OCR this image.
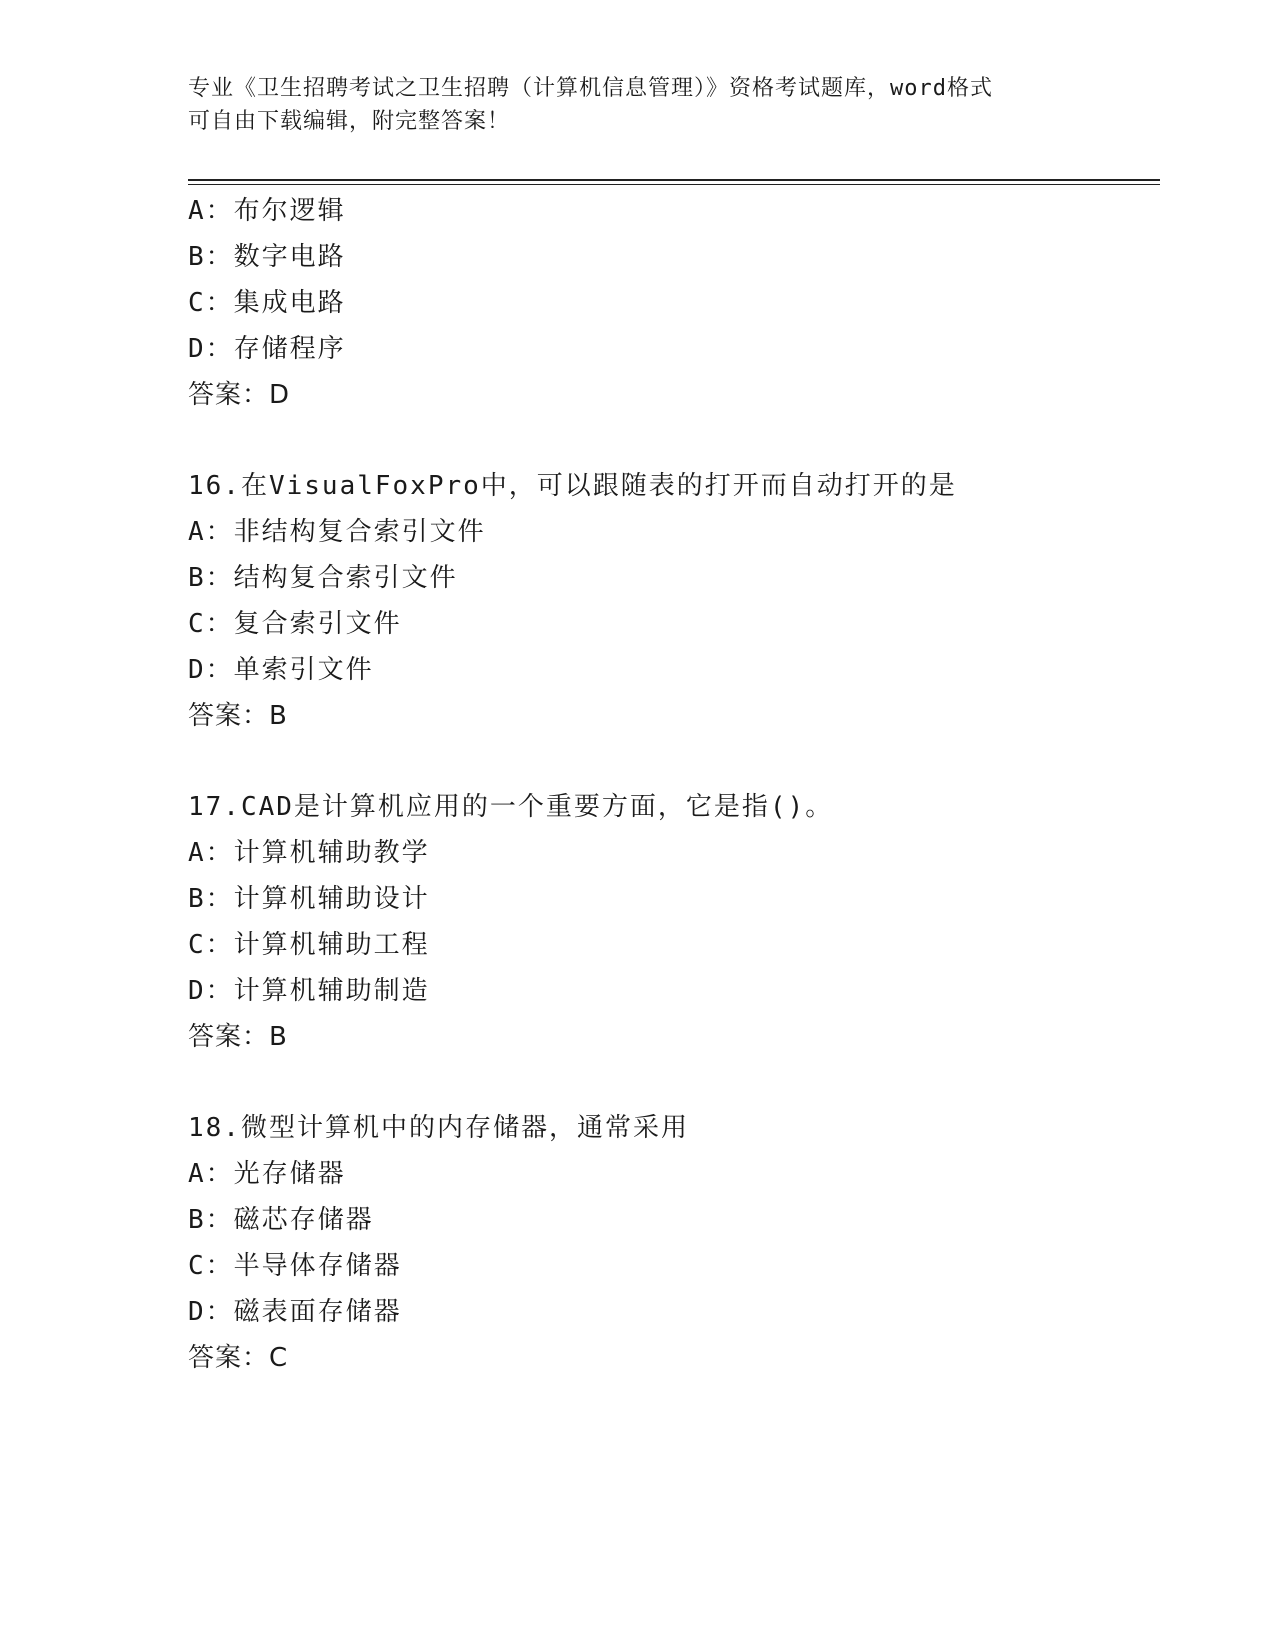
专业《卫生招聘考试之卫生招聘（计算机信息管理）》资格考试题库，word格式
可自由下载编辑，附完整答案！
A：布尔逻辑
B：数字电路
C：集成电路
D：存储程序
答案：D
16.在VisualFoxPro中，可以跟随表的打开而自动打开的是
A：非结构复合索引文件
B：结构复合索引文件
C：复合索引文件
D：单索引文件
答案：B
17.CAD是计算机应用的一个重要方面，它是指()。
A：计算机辅助教学
B：计算机辅助设计
C：计算机辅助工程
D：计算机辅助制造
答案：B
18.微型计算机中的内存储器，通常采用
A：光存储器
B：磁芯存储器
C：半导体存储器
D：磁表面存储器
答案：C
